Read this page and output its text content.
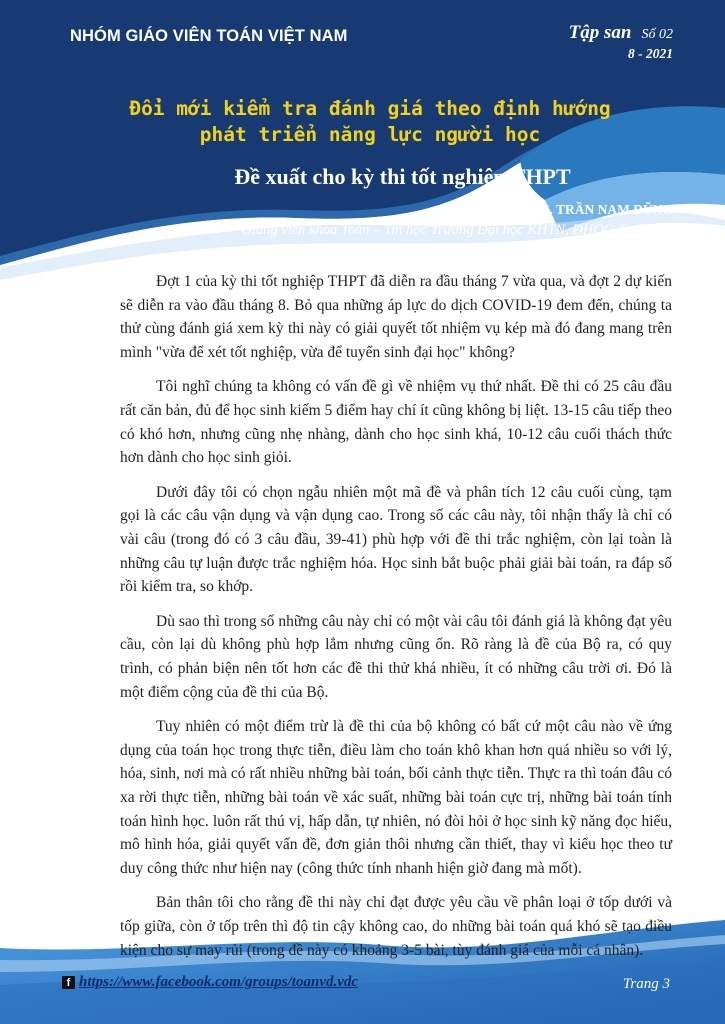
NHÓM GIÁO VIÊN TOÁN VIỆT NAM	Tập san Số 02
8 - 2021
Đổi mới kiểm tra đánh giá theo định hướng
phát triển năng lực người học
Đề xuất cho kỳ thi tốt nghiệp THPT
TS. TRẦN NAM DŨNG
Giảng viên khoa Toán – Tin học Trường Đại học KHTN, ĐHQG Tp HCM

Đợt 1 của kỳ thi tốt nghiệp THPT đã diễn ra đầu tháng 7 vừa qua, và đợt 2 dự kiến sẽ diễn ra vào đầu tháng 8. Bỏ qua những áp lực do dịch COVID-19 đem đến, chúng ta thử cùng đánh giá xem kỳ thi này có giải quyết tốt nhiệm vụ kép mà đó đang mang trên mình "vừa để xét tốt nghiệp, vừa để tuyển sinh đại học" không?

Tôi nghĩ chúng ta không có vấn đề gì về nhiệm vụ thứ nhất. Đề thi có 25 câu đầu rất căn bản, đủ để học sinh kiếm 5 điểm hay chí ít cũng không bị liệt. 13-15 câu tiếp theo có khó hơn, nhưng cũng nhẹ nhàng, dành cho học sinh khá, 10-12 câu cuối thách thức hơn dành cho học sinh giỏi.

Dưới đây tôi có chọn ngẫu nhiên một mã đề và phân tích 12 câu cuối cùng, tạm gọi là các câu vận dụng và vận dụng cao. Trong số các câu này, tôi nhận thấy là chỉ có vài câu (trong đó có 3 câu đầu, 39-41) phù hợp với đề thi trắc nghiệm, còn lại toàn là những câu tự luận được trắc nghiệm hóa. Học sinh bắt buộc phải giải bài toán, ra đáp số rồi kiểm tra, so khớp.

Dù sao thì trong số những câu này chỉ có một vài câu tôi đánh giá là không đạt yêu cầu, còn lại dù không phù hợp lắm nhưng cũng ổn. Rõ ràng là đề của Bộ ra, có quy trình, có phản biện nên tốt hơn các đề thi thử khá nhiều, ít có những câu trời ơi. Đó là một điểm cộng của đề thi của Bộ.

Tuy nhiên có một điểm trừ là đề thi của bộ không có bất cứ một câu nào về ứng dụng của toán học trong thực tiễn, điều làm cho toán khô khan hơn quá nhiều so với lý, hóa, sinh, nơi mà có rất nhiều những bài toán, bối cảnh thực tiễn. Thực ra thì toán đâu có xa rời thực tiễn, những bài toán về xác suất, những bài toán cực trị, những bài toán tính toán hình học. luôn rất thú vị, hấp dẫn, tự nhiên, nó đòi hỏi ở học sinh kỹ năng đọc hiểu, mô hình hóa, giải quyết vấn đề, đơn giản thôi nhưng cần thiết, thay vì kiểu học theo tư duy công thức như hiện nay (công thức tính nhanh hiện giờ đang mà mốt).

Bản thân tôi cho rằng đề thi này chỉ đạt được yêu cầu về phân loại ở tốp dưới và tốp giữa, còn ở tốp trên thì độ tin cậy không cao, do những bài toán quá khó sẽ tạo điều kiện cho sự may rủi (trong đề này có khoảng 3-5 bài, tùy đánh giá của mỗi cá nhân).

f https://www.facebook.com/groups/toanvd.vdc	Trang 3
